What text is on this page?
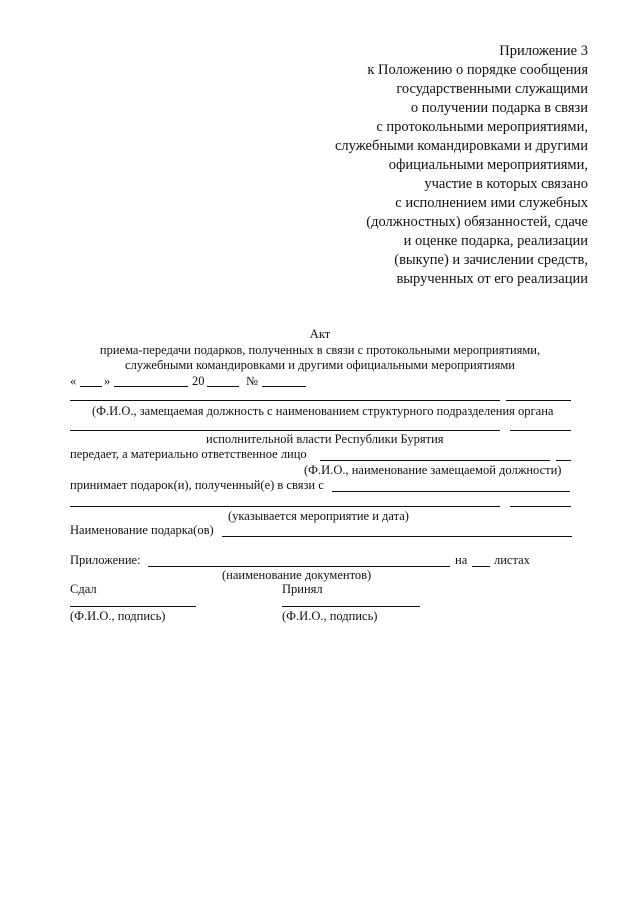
Приложение 3
к Положению о порядке сообщения
государственными служащими
о получении подарка в связи
с протокольными мероприятиями,
служебными командировками и другими
официальными мероприятиями,
участие в которых связано
с исполнением ими служебных
(должностных) обязанностей, сдаче
и оценке подарка, реализации
(выкупе) и зачислении средств,
вырученных от его реализации
Акт
приема-передачи подарков, полученных в связи с протокольными мероприятиями,
служебными командировками и другими официальными мероприятиями
« »	20	№
(Ф.И.О., замещаемая должность с наименованием структурного подразделения органа
исполнительной власти Республики Бурятия
передает, а материально ответственное лицо
(Ф.И.О., наименование замещаемой должности)
принимает подарок(и), полученный(е) в связи с
(указывается мероприятие и дата)
Наименование подарка(ов)
Приложение:	на листах
(наименование документов)
Сдал	Принял
(Ф.И.О., подпись)	(Ф.И.О., подпись)
